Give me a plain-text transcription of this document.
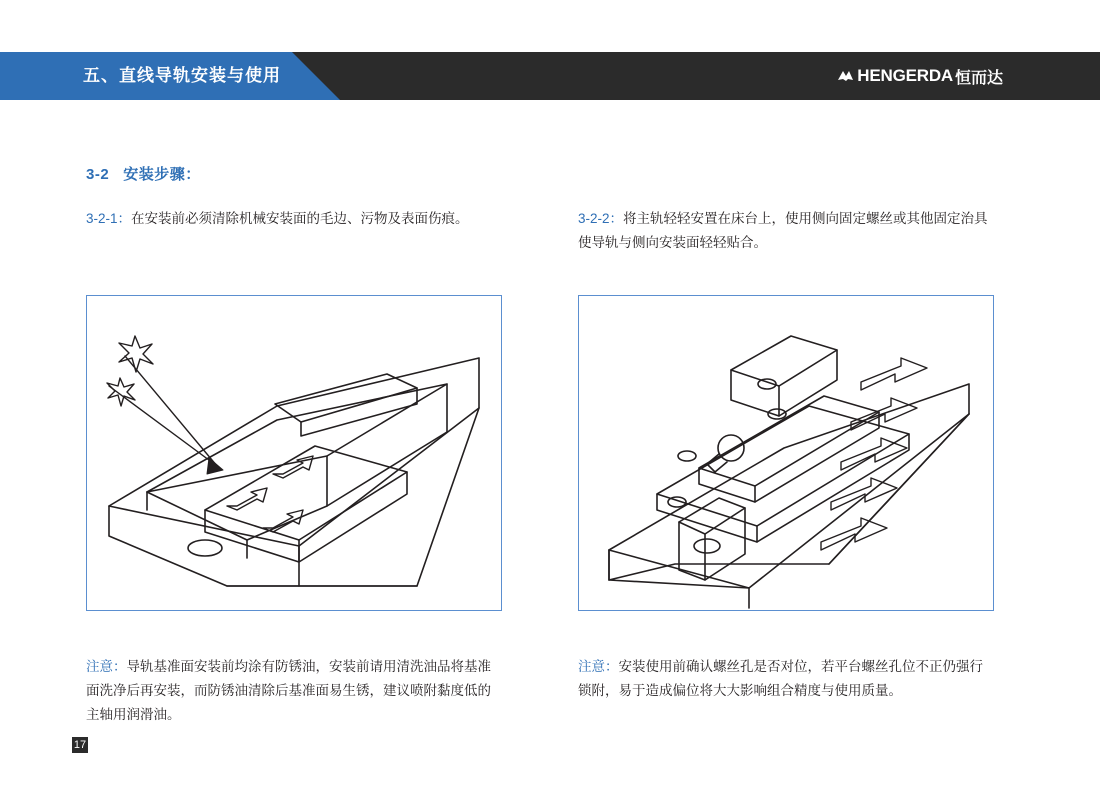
五、直线导轨安装与使用	HENGERDA 恒而达
3-2 安装步骤：
3-2-1：在安装前必须清除机械安装面的毛边、污物及表面伤痕。
注意：导轨基准面安装前均涂有防锈油，安装前请用清洗油品将基准面洗净后再安装，而防锈油清除后基准面易生锈，建议喷附黏度低的主轴用润滑油。
3-2-2：将主轨轻轻安置在床台上，使用侧向固定螺丝或其他固定治具使导轨与侧向安装面轻轻贴合。
注意：安装使用前确认螺丝孔是否对位，若平台螺丝孔位不正仍强行锁附，易于造成偏位将大大影响组合精度与使用质量。
17
